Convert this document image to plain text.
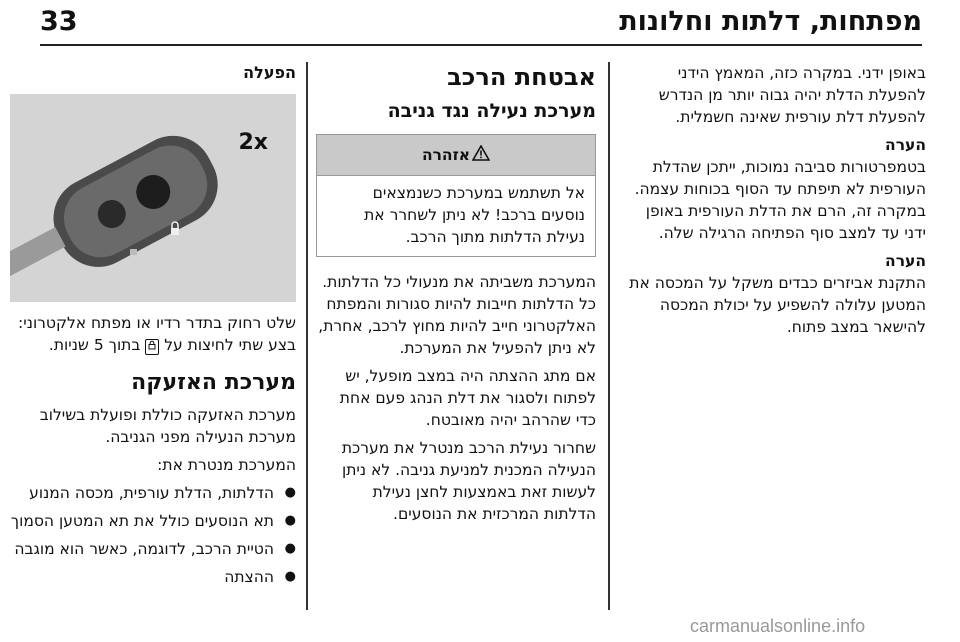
33	מפתחות, דלתות וחלונות

באופן ידני. במקרה כזה, המאמץ הידני להפעלת הדלת יהיה גבוה יותר מן הנדרש להפעלת דלת עורפית שאינה חשמלית.

הערה

בטמפרטורות סביבה נמוכות, ייתכן שהדלת העורפית לא תיפתח עד הסוף בכוחות עצמה. במקרה זה, הרם את הדלת העורפית באופן ידני עד למצב סוף הפתיחה הרגילה שלה.

הערה

התקנת אביזרים כבדים משקל על המכסה את המטען עלולה להשפיע על יכולת המכסה להישאר במצב פתוח.

אבטחת הרכב
מערכת נעילה נגד גניבה
אזהרה
אל תשתמש במערכת כשנמצאים נוסעים ברכב! לא ניתן לשחרר את נעילת הדלתות מתוך הרכב.

המערכת משביתה את מנעולי כל הדלתות. כל הדלתות חייבות להיות סגורות והמפתח האלקטרוני חייב להיות מחוץ לרכב, אחרת, לא ניתן להפעיל את המערכת.

אם מתג ההצתה היה במצב מופעל, יש לפתוח ולסגור את דלת הנהג פעם אחת כדי שהרהב יהיה מאובטח.

שחרור נעילת הרכב מנטרל את מערכת הנעילה המכנית למניעת גניבה. לא ניתן לעשות זאת באמצעות לחצן נעילת הדלתות המרכזית את הנוסעים.

הפעלה
2x

שלט רחוק בתדר רדיו או מפתח אלקטרוני:
בצע שתי לחיצות על  בתוך 5 שניות.

מערכת האזעקה

מערכת האזעקה כוללת ופועלת בשילוב מערכת הנעילה מפני הגניבה.

המערכת מנטרת את:

● הדלתות, הדלת עורפית, מכסה המנוע
● תא הנוסעים כולל את תא המטען הסמוך
● הטיית הרכב, לדוגמה, כאשר הוא מוגבה
● ההצתה
carmanualsonline.info
